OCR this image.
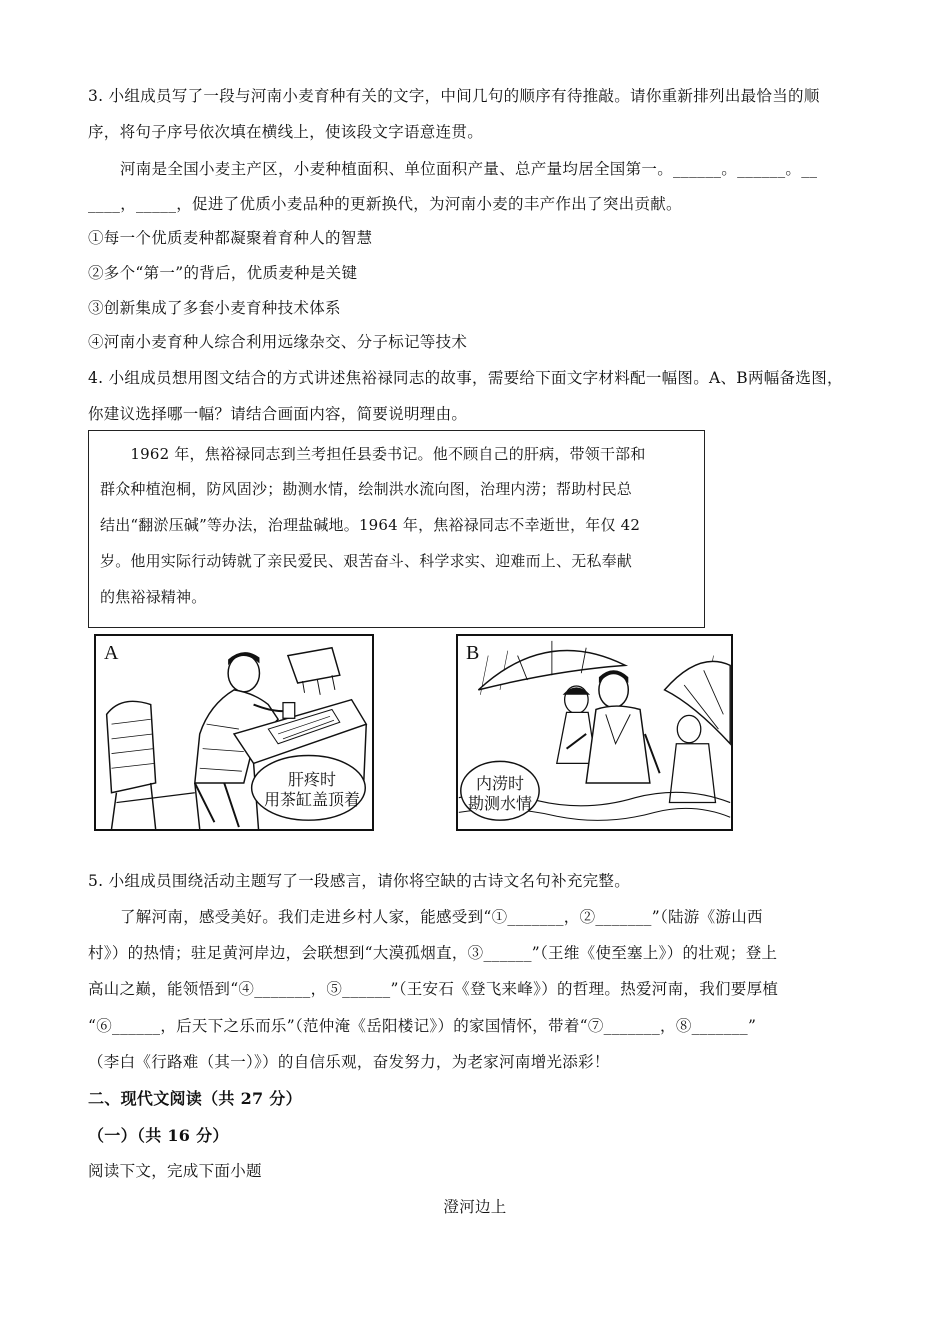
3. 小组成员写了一段与河南小麦育种有关的文字，中间几句的顺序有待推敲。请你重新排列出最恰当的顺
序，将句子序号依次填在横线上，使该段文字语意连贯。
河南是全国小麦主产区，小麦种植面积、单位面积产量、总产量均居全国第一。______。______。__
____，_____，促进了优质小麦品种的更新换代，为河南小麦的丰产作出了突出贡献。
①每一个优质麦种都凝聚着育种人的智慧
②多个“第一”的背后，优质麦种是关键
③创新集成了多套小麦育种技术体系
④河南小麦育种人综合利用远缘杂交、分子标记等技术
4. 小组成员想用图文结合的方式讲述焦裕禄同志的故事，需要给下面文字材料配一幅图。A、B两幅备选图，
你建议选择哪一幅？请结合画面内容，简要说明理由。
　　1962 年，焦裕禄同志到兰考担任县委书记。他不顾自己的肝病，带领干部和
群众种植泡桐，防风固沙；勘测水情，绘制洪水流向图，治理内涝；帮助村民总
结出“翻淤压碱”等办法，治理盐碱地。1964 年，焦裕禄同志不幸逝世，年仅 42
岁。他用实际行动铸就了亲民爱民、艰苦奋斗、科学求实、迎难而上、无私奉献
的焦裕禄精神。
A
肝疼时
用茶缸盖顶着
B
内涝时
勘测水情
5. 小组成员围绕活动主题写了一段感言，请你将空缺的古诗文名句补充完整。
了解河南，感受美好。我们走进乡村人家，能感受到“①_______，②_______”（陆游《游山西
村》）的热情；驻足黄河岸边，会联想到“大漠孤烟直，③______”（王维《使至塞上》）的壮观；登上
高山之巅，能领悟到“④_______，⑤______”（王安石《登飞来峰》）的哲理。热爱河南，我们要厚植
“⑥______，后天下之乐而乐”（范仲淹《岳阳楼记》）的家国情怀，带着“⑦_______，⑧_______”
（李白《行路难（其一）》）的自信乐观，奋发努力，为老家河南增光添彩！
二、现代文阅读（共 27 分）
（一）（共 16 分）
阅读下文，完成下面小题
澄河边上
